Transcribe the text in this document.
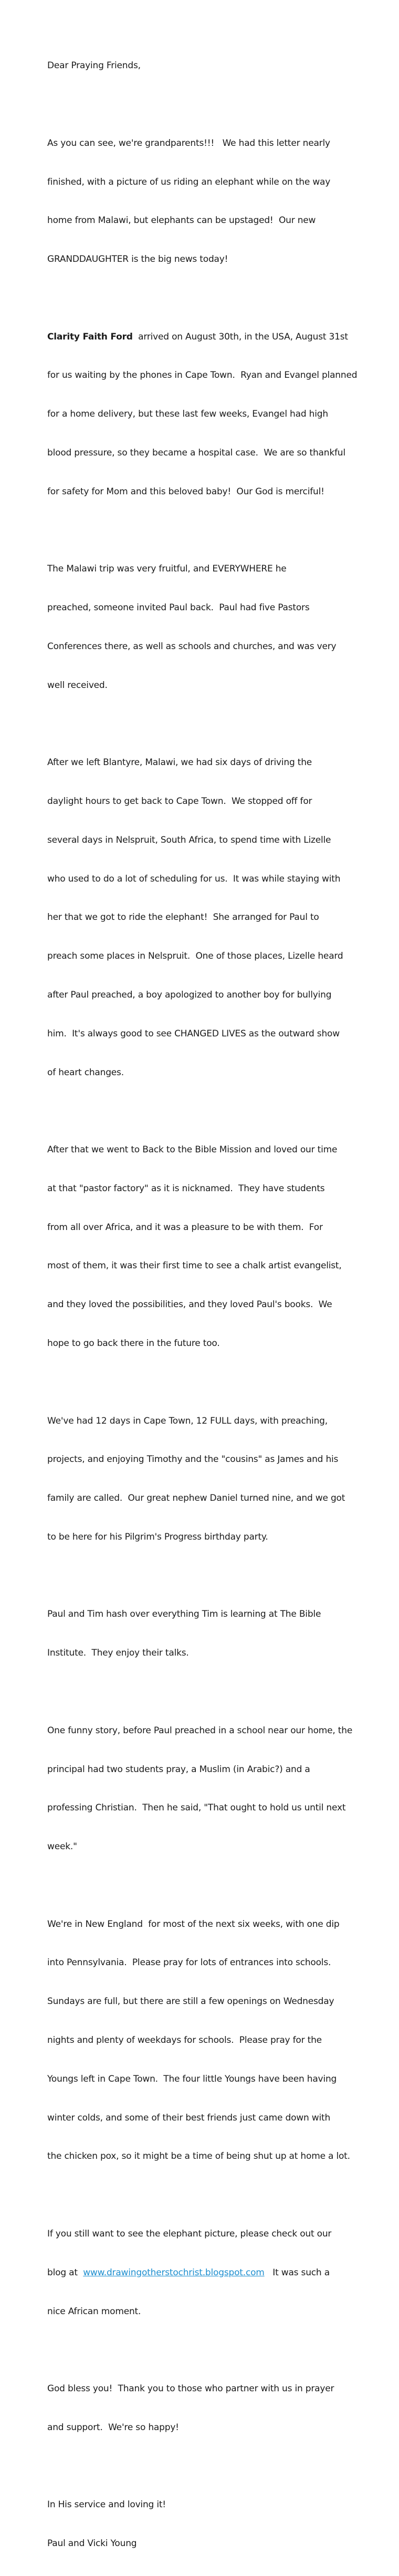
Dear Praying Friends,

As you can see, we're grandparents!!!   We had this letter nearly

finished, with a picture of us riding an elephant while on the way

home from Malawi, but elephants can be upstaged!  Our new

GRANDDAUGHTER is the big news today!

Clarity Faith Ford  arrived on August 30th, in the USA, August 31st

for us waiting by the phones in Cape Town.  Ryan and Evangel planned

for a home delivery, but these last few weeks, Evangel had high

blood pressure, so they became a hospital case.  We are so thankful

for safety for Mom and this beloved baby!  Our God is merciful!

The Malawi trip was very fruitful, and EVERYWHERE he

preached, someone invited Paul back.  Paul had five Pastors

Conferences there, as well as schools and churches, and was very

well received.

After we left Blantyre, Malawi, we had six days of driving the

daylight hours to get back to Cape Town.  We stopped off for

several days in Nelspruit, South Africa, to spend time with Lizelle

who used to do a lot of scheduling for us.  It was while staying with

her that we got to ride the elephant!  She arranged for Paul to

preach some places in Nelspruit.  One of those places, Lizelle heard

after Paul preached, a boy apologized to another boy for bullying

him.  It's always good to see CHANGED LIVES as the outward show

of heart changes.

After that we went to Back to the Bible Mission and loved our time

at that "pastor factory" as it is nicknamed.  They have students

from all over Africa, and it was a pleasure to be with them.  For

most of them, it was their first time to see a chalk artist evangelist,

and they loved the possibilities, and they loved Paul's books.  We

hope to go back there in the future too.

We've had 12 days in Cape Town, 12 FULL days, with preaching,

projects, and enjoying Timothy and the "cousins" as James and his

family are called.  Our great nephew Daniel turned nine, and we got

to be here for his Pilgrim's Progress birthday party.

Paul and Tim hash over everything Tim is learning at The Bible

Institute.  They enjoy their talks.

One funny story, before Paul preached in a school near our home, the

principal had two students pray, a Muslim (in Arabic?) and a

professing Christian.  Then he said, "That ought to hold us until next

week."

We're in New England  for most of the next six weeks, with one dip

into Pennsylvania.  Please pray for lots of entrances into schools.

Sundays are full, but there are still a few openings on Wednesday

nights and plenty of weekdays for schools.  Please pray for the

Youngs left in Cape Town.  The four little Youngs have been having

winter colds, and some of their best friends just came down with

the chicken pox, so it might be a time of being shut up at home a lot.

If you still want to see the elephant picture, please check out our

blog at  www.drawingotherstochrist.blogspot.com   It was such a

nice African moment.

God bless you!  Thank you to those who partner with us in prayer

and support.  We're so happy!

In His service and loving it!

Paul and Vicki Young
